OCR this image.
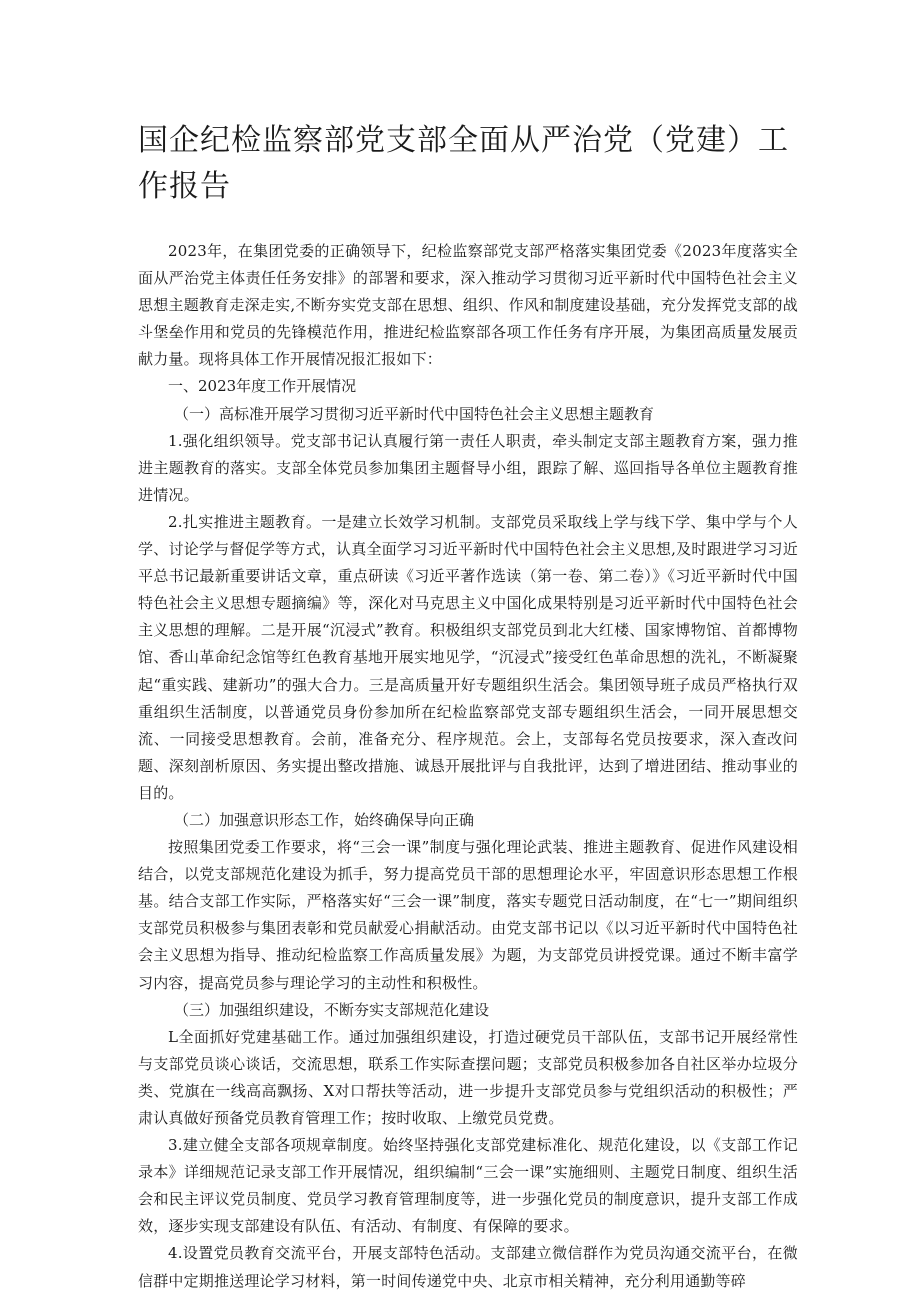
国企纪检监察部党支部全面从严治党（党建）工作报告

2023年，在集团党委的正确领导下，纪检监察部党支部严格落实集团党委《2023年度落实全面从严治党主体责任任务安排》的部署和要求，深入推动学习贯彻习近平新时代中国特色社会主义思想主题教育走深走实,不断夯实党支部在思想、组织、作风和制度建设基础，充分发挥党支部的战斗堡垒作用和党员的先锋模范作用，推进纪检监察部各项工作任务有序开展，为集团高质量发展贡献力量。现将具体工作开展情况报汇报如下：

一、2023年度工作开展情况

（一）高标准开展学习贯彻习近平新时代中国特色社会主义思想主题教育

1.强化组织领导。党支部书记认真履行第一责任人职责，牵头制定支部主题教育方案，强力推进主题教育的落实。支部全体党员参加集团主题督导小组，跟踪了解、巡回指导各单位主题教育推进情况。

2.扎实推进主题教育。一是建立长效学习机制。支部党员采取线上学与线下学、集中学与个人学、讨论学与督促学等方式，认真全面学习习近平新时代中国特色社会主义思想,及时跟进学习习近平总书记最新重要讲话文章，重点研读《习近平著作选读（第一卷、第二卷）》《习近平新时代中国特色社会主义思想专题摘编》等，深化对马克思主义中国化成果特别是习近平新时代中国特色社会主义思想的理解。二是开展“沉浸式”教育。积极组织支部党员到北大红楼、国家博物馆、首都博物馆、香山革命纪念馆等红色教育基地开展实地见学，“沉浸式”接受红色革命思想的洗礼，不断凝聚起“重实践、建新功”的强大合力。三是高质量开好专题组织生活会。集团领导班子成员严格执行双重组织生活制度，以普通党员身份参加所在纪检监察部党支部专题组织生活会，一同开展思想交流、一同接受思想教育。会前，准备充分、程序规范。会上，支部每名党员按要求，深入查改问题、深刻剖析原因、务实提出整改措施、诚恳开展批评与自我批评，达到了增进团结、推动事业的目的。

（二）加强意识形态工作，始终确保导向正确

按照集团党委工作要求，将“三会一课”制度与强化理论武装、推进主题教育、促进作风建设相结合，以党支部规范化建设为抓手，努力提高党员干部的思想理论水平，牢固意识形态思想工作根基。结合支部工作实际，严格落实好“三会一课”制度，落实专题党日活动制度，在“七一”期间组织支部党员积极参与集团表彰和党员献爱心捐献活动。由党支部书记以《以习近平新时代中国特色社会主义思想为指导、推动纪检监察工作高质量发展》为题，为支部党员讲授党课。通过不断丰富学习内容，提高党员参与理论学习的主动性和积极性。

（三）加强组织建设，不断夯实支部规范化建设

L全面抓好党建基础工作。通过加强组织建设，打造过硬党员干部队伍，支部书记开展经常性与支部党员谈心谈话，交流思想，联系工作实际查摆问题；支部党员积极参加各自社区举办垃圾分类、党旗在一线高高飘扬、X对口帮扶等活动，进一步提升支部党员参与党组织活动的积极性；严肃认真做好预备党员教育管理工作；按时收取、上缴党员党费。

3.建立健全支部各项规章制度。始终坚持强化支部党建标准化、规范化建设，以《支部工作记录本》详细规范记录支部工作开展情况，组织编制“三会一课”实施细则、主题党日制度、组织生活会和民主评议党员制度、党员学习教育管理制度等，进一步强化党员的制度意识，提升支部工作成效，逐步实现支部建设有队伍、有活动、有制度、有保障的要求。

4.设置党员教育交流平台，开展支部特色活动。支部建立微信群作为党员沟通交流平台，在微信群中定期推送理论学习材料，第一时间传递党中央、北京市相关精神，充分利用通勤等碎
